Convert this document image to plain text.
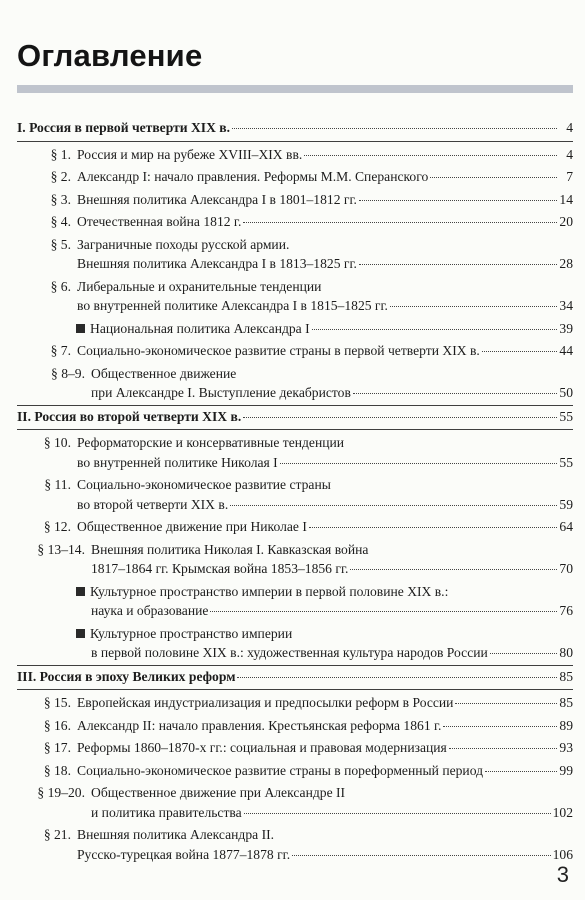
Оглавление
I. Россия в первой четверти XIX в.	4
§ 1. Россия и мир на рубеже XVIII–XIX вв.	4
§ 2. Александр I: начало правления. Реформы М.М. Сперанского	7
§ 3. Внешняя политика Александра I в 1801–1812 гг.	14
§ 4. Отечественная война 1812 г.	20
§ 5. Заграничные походы русской армии.
Внешняя политика Александра I в 1813–1825 гг.	28
§ 6. Либеральные и охранительные тенденции
во внутренней политике Александра I в 1815–1825 гг.	34
Национальная политика Александра I	39
§ 7. Социально-экономическое развитие страны в первой четверти XIX в.	44
§ 8–9. Общественное движение
при Александре I. Выступление декабристов	50
II. Россия во второй четверти XIX в.	55
§ 10. Реформаторские и консервативные тенденции
во внутренней политике Николая I	55
§ 11. Социально-экономическое развитие страны
во второй четверти XIX в.	59
§ 12. Общественное движение при Николае I	64
§ 13–14. Внешняя политика Николая I. Кавказская война
1817–1864 гг. Крымская война 1853–1856 гг.	70
Культурное пространство империи в первой половине XIX в.:
наука и образование	76
Культурное пространство империи
в первой половине XIX в.: художественная культура народов России	80
III. Россия в эпоху Великих реформ	85
§ 15. Европейская индустриализация и предпосылки реформ в России	85
§ 16. Александр II: начало правления. Крестьянская реформа 1861 г.	89
§ 17. Реформы 1860–1870-х гг.: социальная и правовая модернизация	93
§ 18. Социально-экономическое развитие страны в пореформенный период	99
§ 19–20. Общественное движение при Александре II
и политика правительства	102
§ 21. Внешняя политика Александра II.
Русско-турецкая война 1877–1878 гг.	106
3
